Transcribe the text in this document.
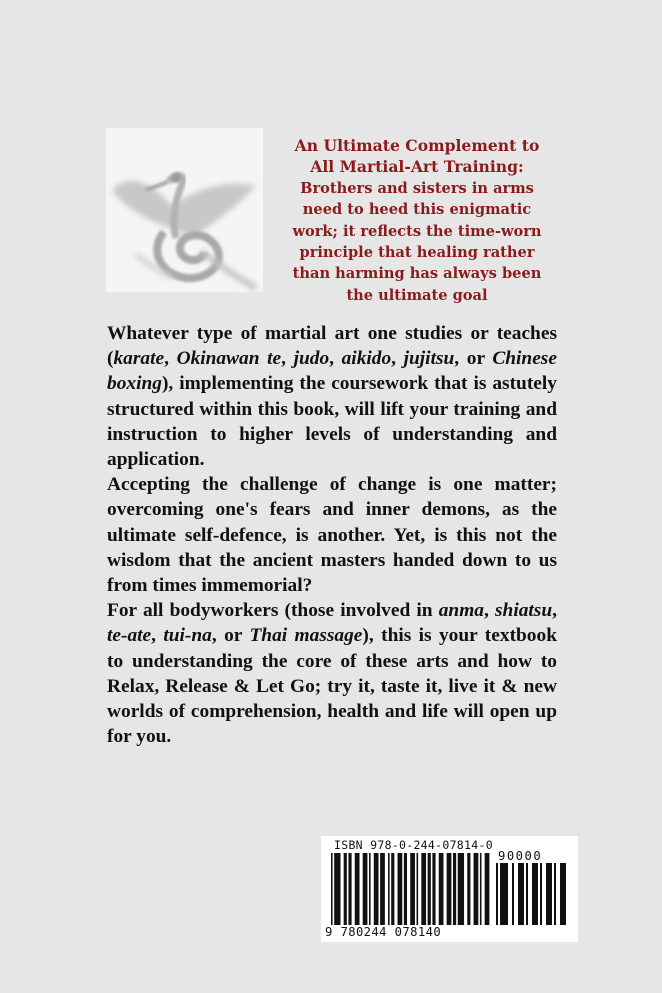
An Ultimate Complement to
All Martial-Art Training:
Brothers and sisters in arms need to heed this enigmatic work; it reflects the time-worn principle that healing rather than harming has always been the ultimate goal

Whatever type of martial art one studies or teaches (karate, Okinawan te, judo, aikido, jujitsu, or Chinese boxing), implementing the coursework that is astutely structured within this book, will lift your training and instruction to higher levels of understanding and application.

Accepting the challenge of change is one matter; overcoming one's fears and inner demons, as the ultimate self-defence, is another. Yet, is this not the wisdom that the ancient masters handed down to us from times immemorial?

For all bodyworkers (those involved in anma, shiatsu, te-ate, tui-na, or Thai massage), this is your textbook to understanding the core of these arts and how to Relax, Release & Let Go; try it, taste it, live it & new worlds of comprehension, health and life will open up for you.

ISBN 978-0-244-07814-0
90000
9 780244 078140
